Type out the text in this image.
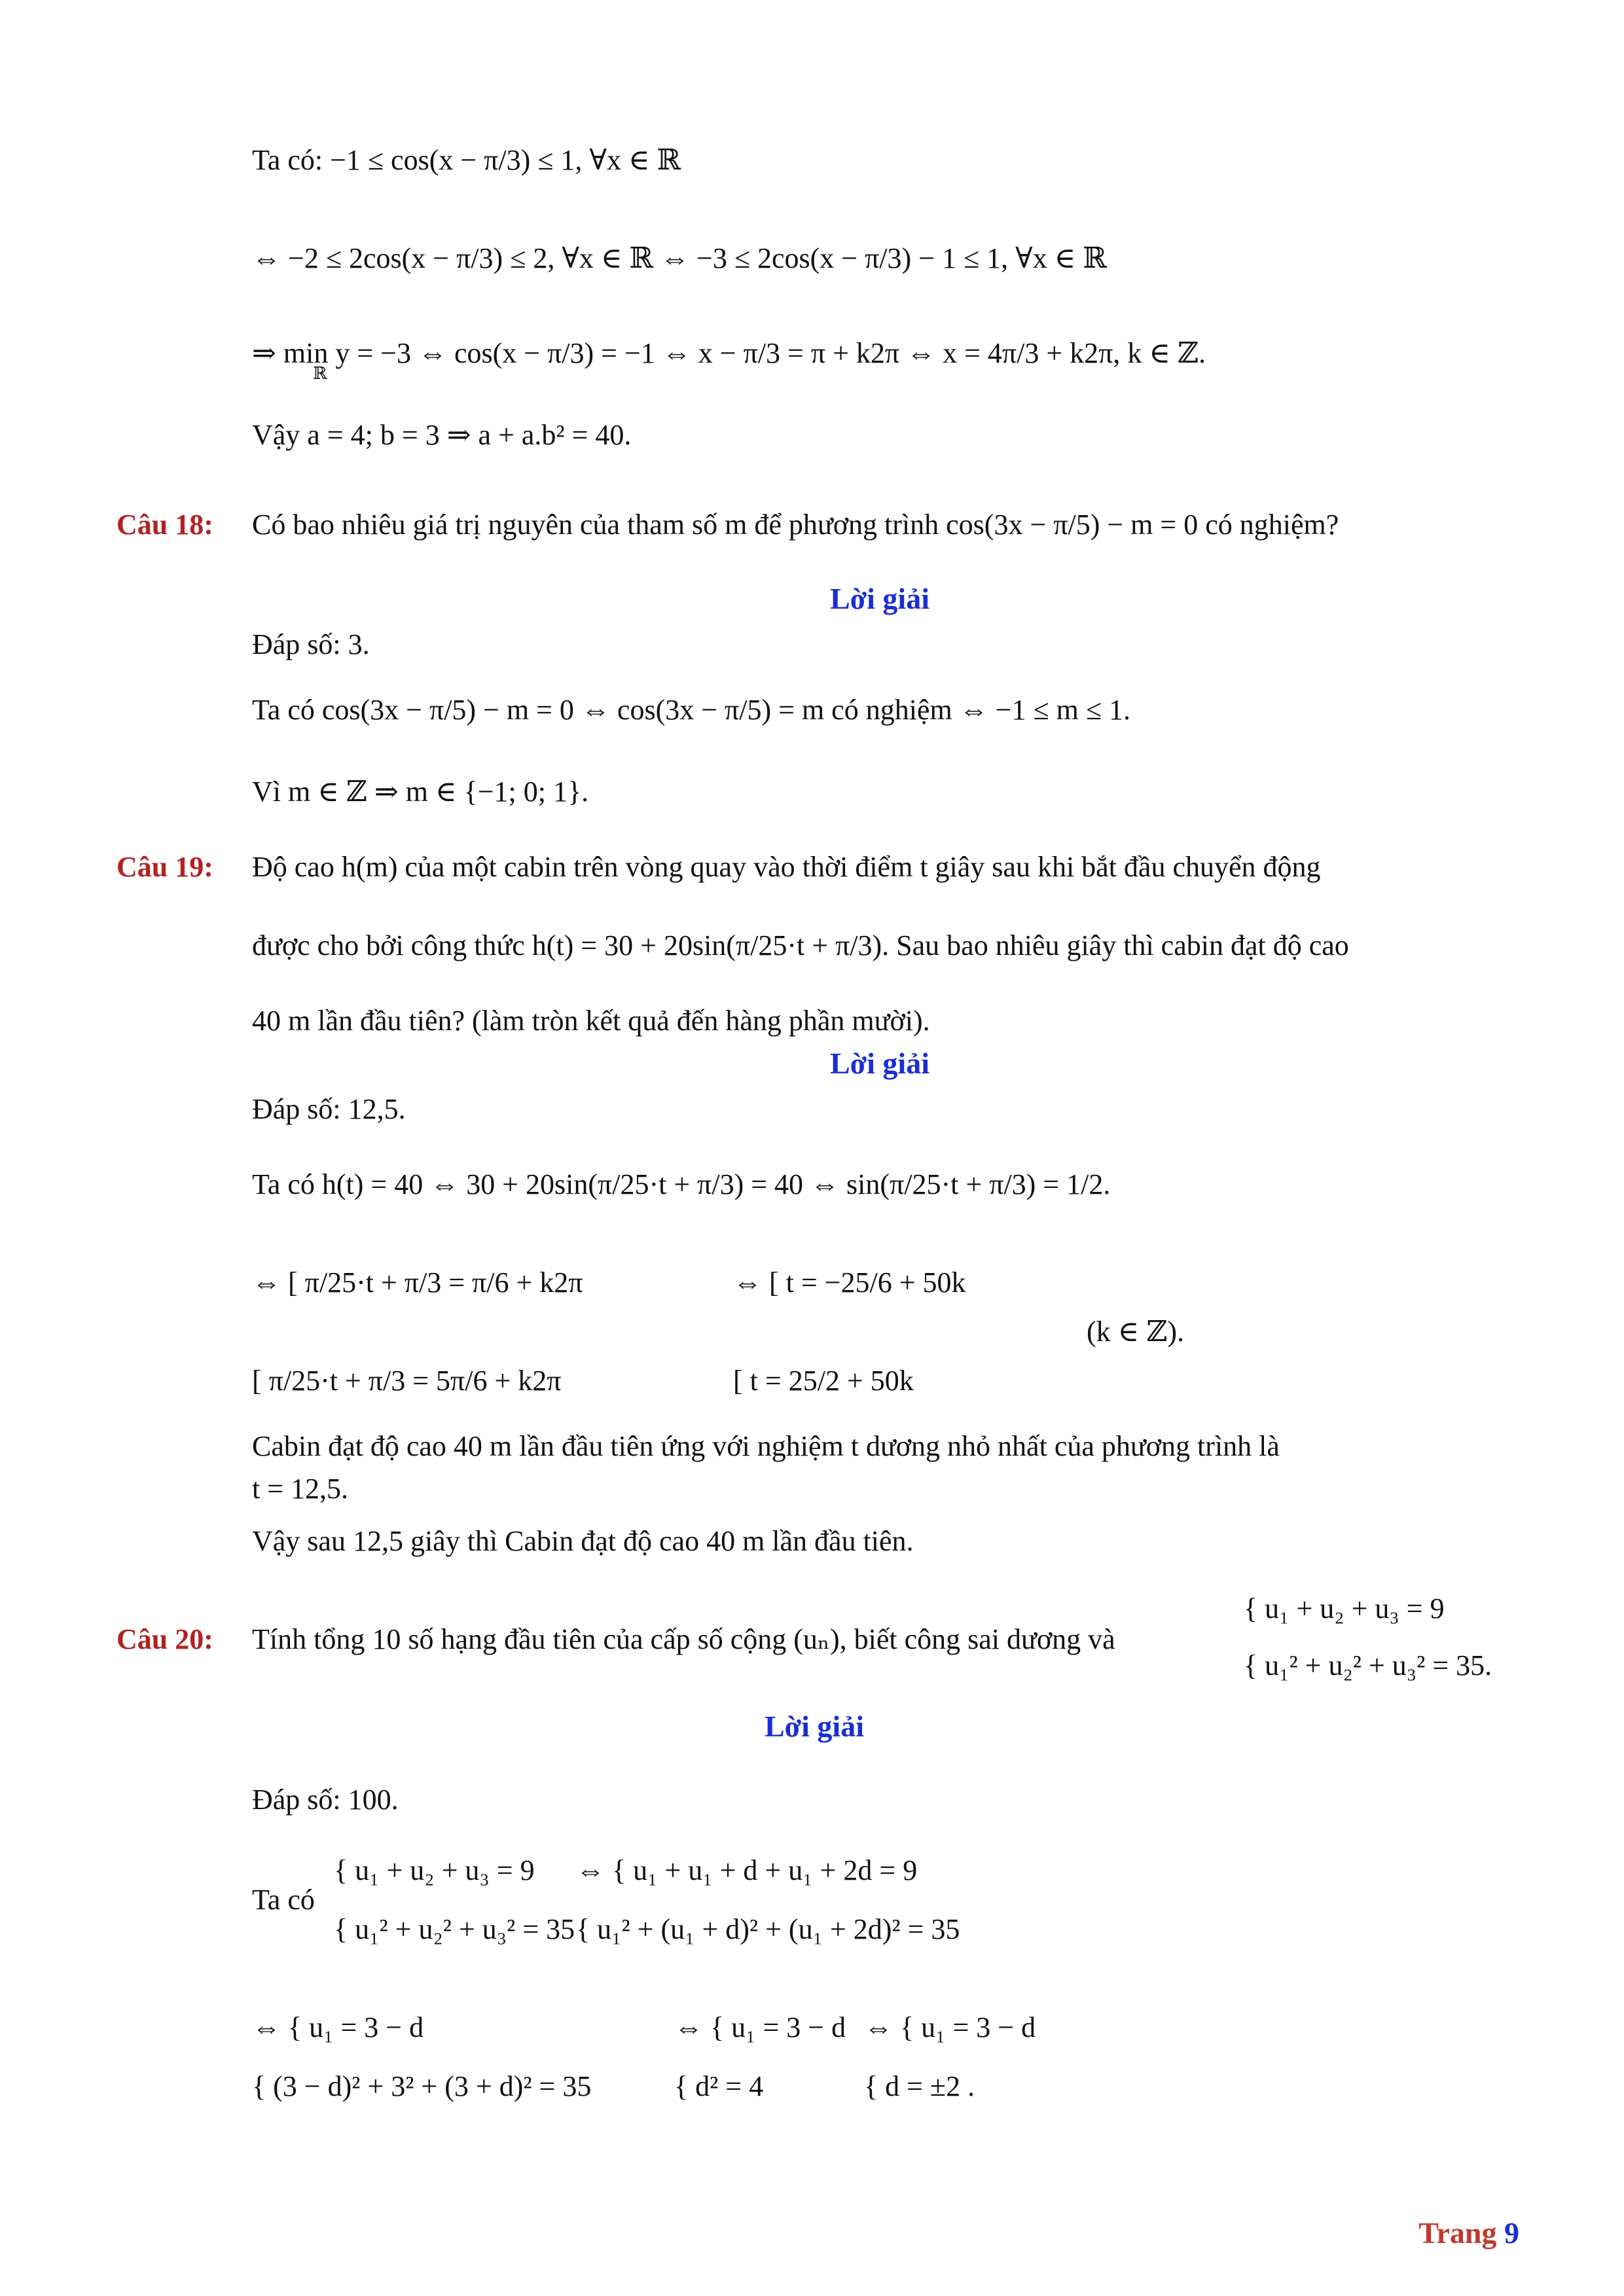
Ta có: −1 ≤ cos(x − π/3) ≤ 1, ∀x ∈ ℝ
⇔ −2 ≤ 2cos(x − π/3) ≤ 2, ∀x ∈ ℝ ⇔ −3 ≤ 2cos(x − π/3) − 1 ≤ 1, ∀x ∈ ℝ
⇒ min y = −3 ⇔ cos(x − π/3) = −1 ⇔ x − π/3 = π + k2π ⇔ x = 4π/3 + k2π, k ∈ ℤ.
ℝ
Vậy a = 4; b = 3 ⇒ a + a.b² = 40.
Câu 18: Có bao nhiêu giá trị nguyên của tham số m để phương trình cos(3x − π/5) − m = 0 có nghiệm?
Lời giải
Đáp số: 3.
Ta có cos(3x − π/5) − m = 0 ⇔ cos(3x − π/5) = m có nghiệm ⇔ −1 ≤ m ≤ 1.
Vì m ∈ ℤ ⇒ m ∈ {−1; 0; 1}.
Câu 19: Độ cao h(m) của một cabin trên vòng quay vào thời điểm t giây sau khi bắt đầu chuyển động
được cho bởi công thức h(t) = 30 + 20sin(π/25·t + π/3). Sau bao nhiêu giây thì cabin đạt độ cao
40 m lần đầu tiên? (làm tròn kết quả đến hàng phần mười).
Lời giải
Đáp số: 12,5.
Ta có h(t) = 40 ⇔ 30 + 20sin(π/25·t + π/3) = 40 ⇔ sin(π/25·t + π/3) = 1/2.
⇔ [ π/25·t + π/3 = π/6 + k2π
[ π/25·t + π/3 = 5π/6 + k2π
⇔ [ t = −25/6 + 50k
[ t = 25/2 + 50k
(k ∈ ℤ).
Cabin đạt độ cao 40 m lần đầu tiên ứng với nghiệm t dương nhỏ nhất của phương trình là
t = 12,5.
Vậy sau 12,5 giây thì Cabin đạt độ cao 40 m lần đầu tiên.
Câu 20: Tính tổng 10 số hạng đầu tiên của cấp số cộng (uₙ), biết công sai dương và
{ u₁ + u₂ + u₃ = 9
{ u₁² + u₂² + u₃² = 35.
Lời giải
Đáp số: 100.
Ta có
{ u₁ + u₂ + u₃ = 9
{ u₁² + u₂² + u₃² = 35
⇔ { u₁ + u₁ + d + u₁ + 2d = 9
{ u₁² + (u₁ + d)² + (u₁ + 2d)² = 35
⇔ { u₁ = 3 − d
{ (3 − d)² + 3² + (3 + d)² = 35
⇔ { u₁ = 3 − d
{ d² = 4
⇔ { u₁ = 3 − d
{ d = ±2 .
Trang 9
